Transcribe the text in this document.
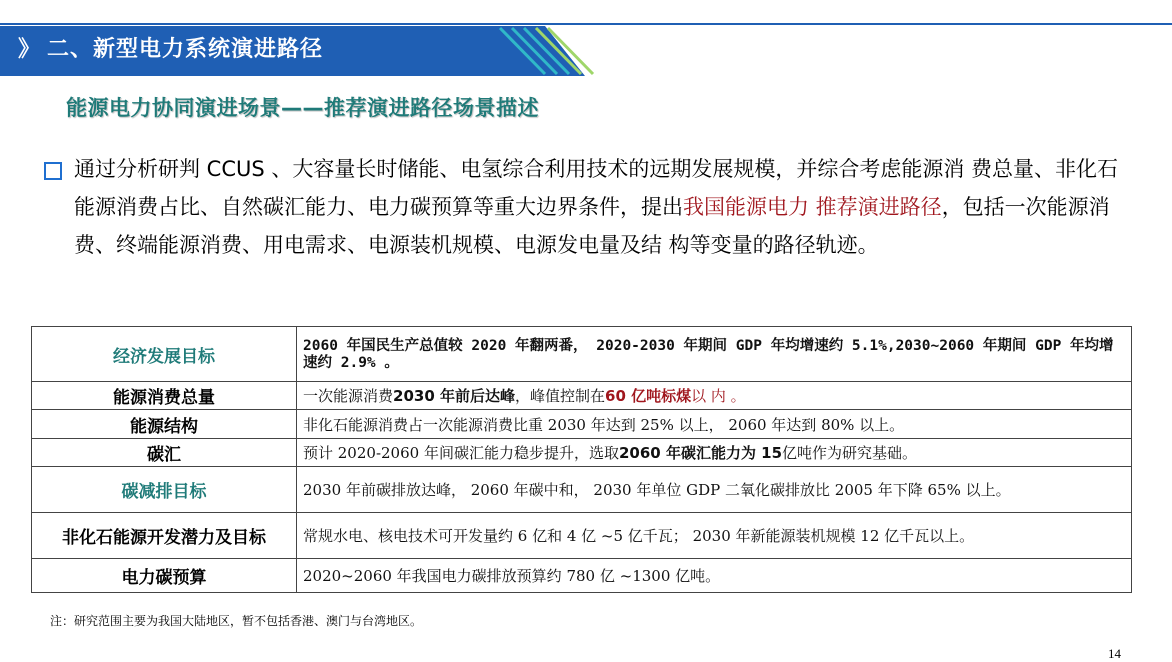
》 二、新型电力系统演进路径
能源电力协同演进场景——推荐演进路径场景描述
通过分析研判 CCUS 、大容量长时储能、电氢综合利用技术的远期发展规模，并综合考虑能源消 费总量、非化石能源消费占比、自然碳汇能力、电力碳预算等重大边界条件，提出我国能源电力 推荐演进路径，包括一次能源消费、终端能源消费、用电需求、电源装机规模、电源发电量及结 构等变量的路径轨迹。
经济发展目标	2060 年国民生产总值较 2020 年翻两番， 2020-2030 年期间 GDP 年均增速约 5.1%,2030~2060 年期间 GDP 年均增速约 2.9% 。
能源消费总量	一次能源消费2030 年前后达峰，峰值控制在60 亿吨标煤以 内 。
能源结构	非化石能源消费占一次能源消费比重 2030 年达到 25% 以上， 2060 年达到 80% 以上。
碳汇	预计 2020-2060 年间碳汇能力稳步提升，选取2060 年碳汇能力为 15亿吨作为研究基础。
碳减排目标	2030 年前碳排放达峰， 2060 年碳中和， 2030 年单位 GDP 二氧化碳排放比 2005 年下降 65% 以上。
非化石能源开发潜力及目标	常规水电、核电技术可开发量约 6 亿和 4 亿 ~5 亿千瓦； 2030 年新能源装机规模 12 亿千瓦以上。
电力碳预算	2020~2060 年我国电力碳排放预算约 780 亿 ~1300 亿吨。
注：研究范围主要为我国大陆地区，暂不包括香港、澳门与台湾地区。
14
